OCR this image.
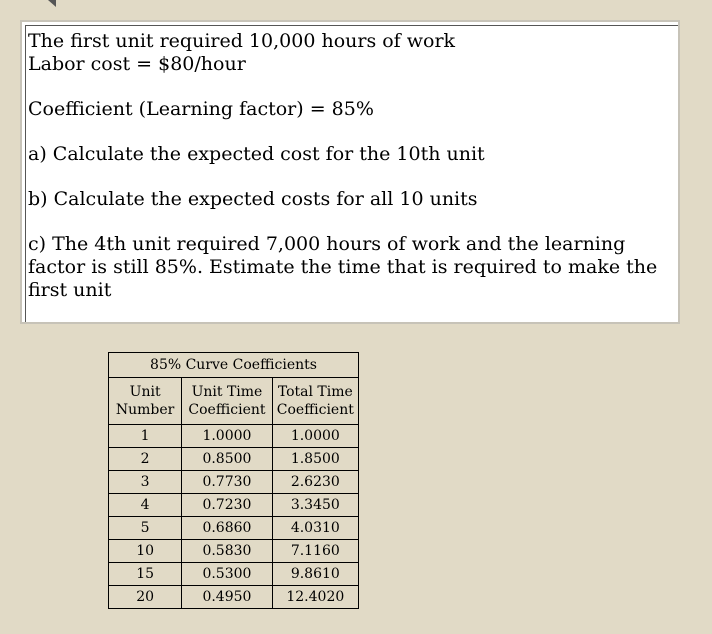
The first unit required 10,000 hours of work

Labor cost = $80/hour

Coefficient (Learning factor) = 85%

a) Calculate the expected cost for the 10th unit

b) Calculate the expected costs for all 10 units

c) The 4th unit required 7,000 hours of work and the learning factor is still 85%. Estimate the time that is required to make the first unit

85% Curve Coefficients		
Unit Number	Unit Time Coefficient	Total Time Coefficient
1	1.0000	1.0000
2	0.8500	1.8500
3	0.7730	2.6230
4	0.7230	3.3450
5	0.6860	4.0310
10	0.5830	7.1160
15	0.5300	9.8610
20	0.4950	12.4020
